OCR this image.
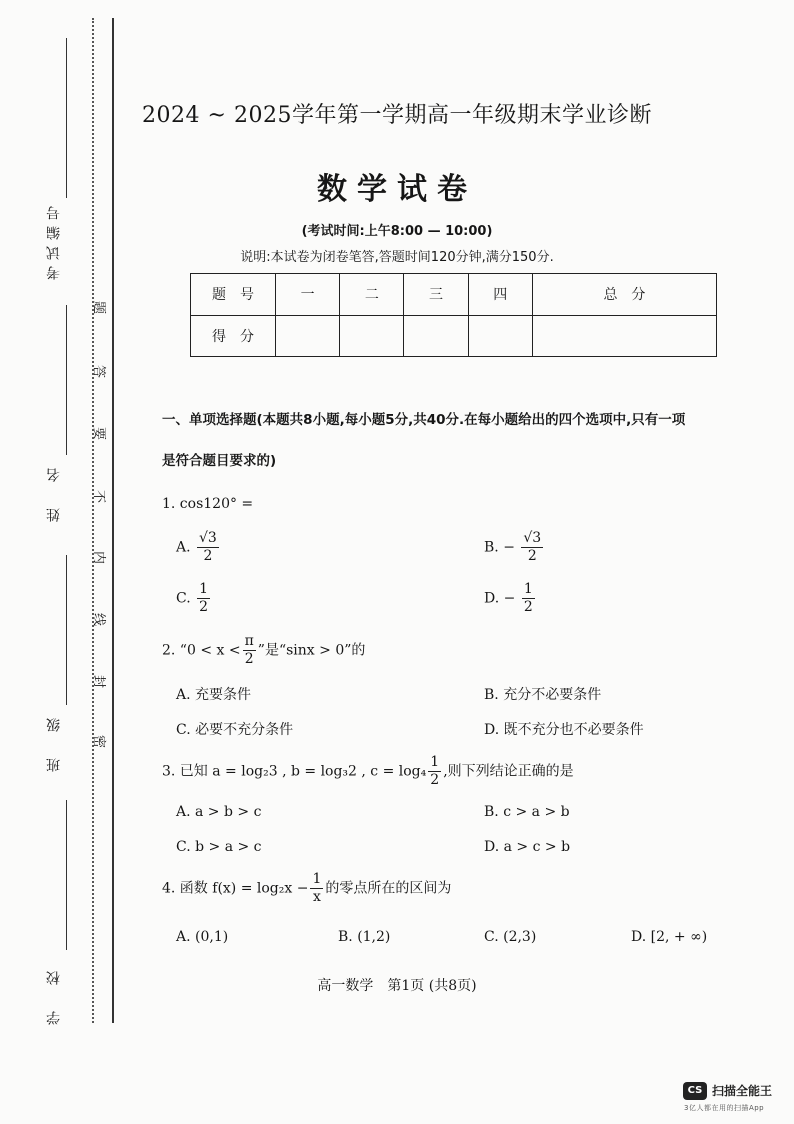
考试编号
姓　名
班　级
学　校
题
答
要
不
内
线
封
密
2024 ~ 2025学年第一学期高一年级期末学业诊断
数学试卷
(考试时间:上午8:00 — 10:00)
说明:本试卷为闭卷笔答,答题时间120分钟,满分150分.
题　号	一	二	三	四	总　分
得　分					
一、单项选择题(本题共8小题,每小题5分,共40分.在每小题给出的四个选项中,只有一项
是符合题目要求的)
1. cos120° =
A. $\frac{√3}{2}$	B. − $\frac{√3}{2}$
C. $\frac{1}{2}$	D. − $\frac{1}{2}$
2. “$0 < x < \frac{\pi}{2}$ ”是“sinx > 0”的
A. 充要条件	B. 充分不必要条件
C. 必要不充分条件	D. 既不充分也不必要条件
3. 已知 a = log₂3 , b = log₃2 , $c = \log_4 \frac{1}{2}$ ,则下列结论正确的是
A. a > b > c	B. c > a > b
C. b > a > c	D. a > c > b
4. 函数 $f(x) = \log_2x - \frac{1}{x}$ 的零点所在的区间为
A. (0,1)	B. (1,2)	C. (2,3)	D. [2, + ∞)
高一数学　第1页 (共8页)
CS 扫描全能王
3亿人都在用的扫描App
